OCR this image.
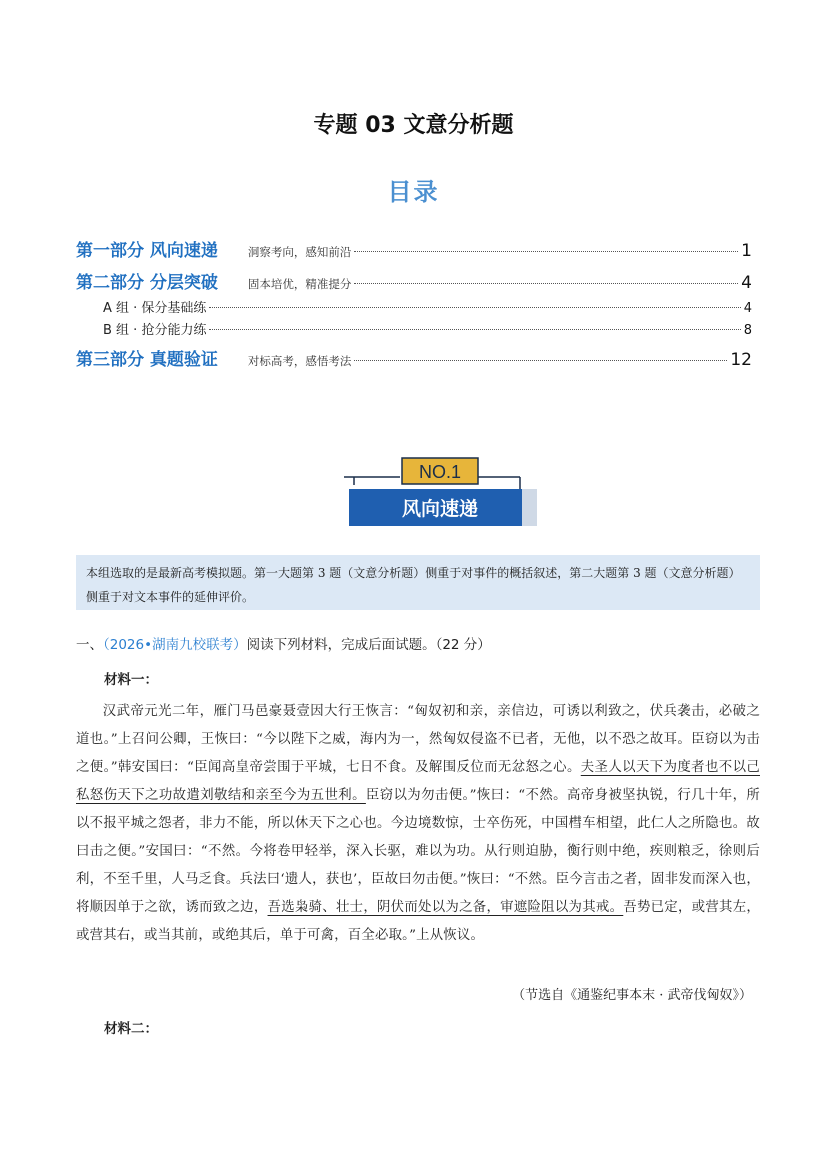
专题 03 文意分析题
目录
第一部分 风向速递	洞察考向，感知前沿	1
第二部分 分层突破	固本培优，精准提分	4
A 组 · 保分基础练	4
B 组 · 抢分能力练	8
第三部分 真题验证	对标高考，感悟考法	12
NO.1
风向速递
本组选取的是最新高考模拟题。第一大题第 3 题（文意分析题）侧重于对事件的概括叙述，第二大题第 3 题（文意分析题）侧重于对文本事件的延伸评价。
一、（2026•湖南九校联考）阅读下列材料，完成后面试题。（22 分）
材料一：
汉武帝元光二年，雁门马邑豪聂壹因大行王恢言：“匈奴初和亲，亲信边，可诱以利致之，伏兵袭击，必破之道也。”上召问公卿，王恢曰：“今以陛下之威，海内为一，然匈奴侵盗不已者，无他，以不恐之故耳。臣窃以为击之便。”韩安国曰：“臣闻高皇帝尝围于平城，七日不食。及解围反位而无忿怒之心。夫圣人以天下为度者也不以己私怒伤天下之功故遣刘敬结和亲至今为五世利。臣窃以为勿击便。”恢曰：“不然。高帝身被坚执锐，行几十年，所以不报平城之怨者，非力不能，所以休天下之心也。今边境数惊，士卒伤死，中国槥车相望，此仁人之所隐也。故曰击之便。”安国曰：“不然。今将卷甲轻举，深入长驱，难以为功。从行则迫胁，衡行则中绝，疾则粮乏，徐则后利，不至千里，人马乏食。兵法曰‘遗人，获也’，臣故曰勿击便。”恢曰：“不然。臣今言击之者，固非发而深入也，将顺因单于之欲，诱而致之边，吾选枭骑、壮士，阴伏而处以为之备，审遮险阻以为其戒。吾势已定，或营其左，或营其右，或当其前，或绝其后，单于可禽，百全必取。”上从恢议。
（节选自《通鉴纪事本末 · 武帝伐匈奴》）
材料二：
